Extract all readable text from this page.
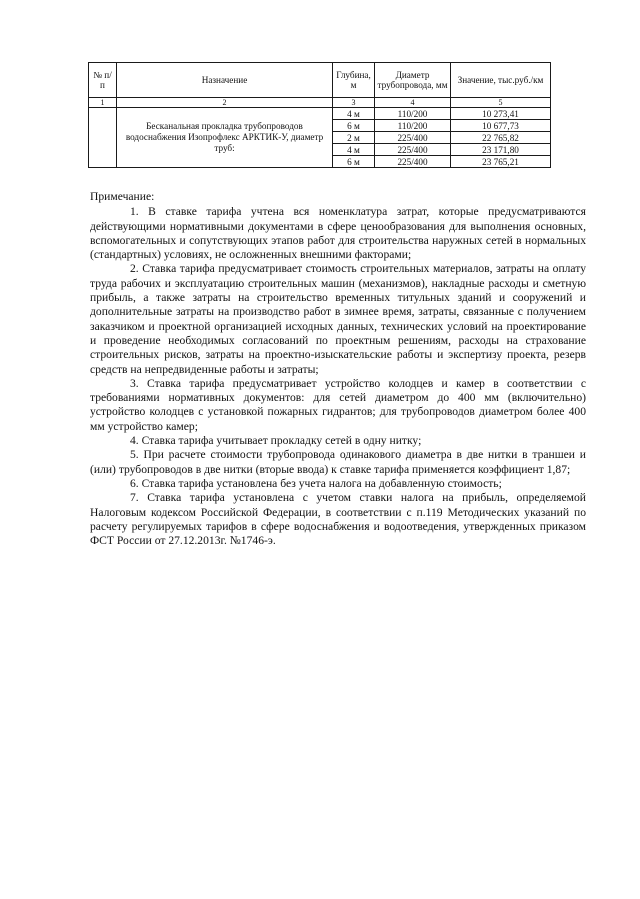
№ п/п	Назначение	Глубина, м	Диаметр трубопровода, мм	Значение, тыс.руб./км
1	2	3	4	5
	Бесканальная прокладка трубопроводов водоснабжения Изопрофлекс АРКТИК-У, диаметр труб:	4 м	110/200	10 273,41
		6 м	110/200	10 677,73
		2 м	225/400	22 765,82
		4 м	225/400	23 171,80
		6 м	225/400	23 765,21
Примечание:

1. В ставке тарифа учтена вся номенклатура затрат, которые предусматриваются действующими нормативными документами в сфере ценообразования для выполнения основных, вспомогательных и сопутствующих этапов работ для строительства наружных сетей в нормальных (стандартных) условиях, не осложненных внешними факторами;

2. Ставка тарифа предусматривает стоимость строительных материалов, затраты на оплату труда рабочих и эксплуатацию строительных машин (механизмов), накладные расходы и сметную прибыль, а также затраты на строительство временных титульных зданий и сооружений и дополнительные затраты на производство работ в зимнее время, затраты, связанные с получением заказчиком и проектной организацией исходных данных, технических условий на проектирование и проведение необходимых согласований по проектным решениям, расходы на страхование строительных рисков, затраты на проектно-изыскательские работы и экспертизу проекта, резерв средств на непредвиденные работы и затраты;

3. Ставка тарифа предусматривает устройство колодцев и камер в соответствии с требованиями нормативных документов: для сетей диаметром до 400 мм (включительно) устройство колодцев с установкой пожарных гидрантов; для трубопроводов диаметром более 400 мм устройство камер;

4. Ставка тарифа учитывает прокладку сетей в одну нитку;

5. При расчете стоимости трубопровода одинакового диаметра в две нитки в траншеи и (или) трубопроводов в две нитки (вторые ввода) к ставке тарифа применяется коэффициент 1,87;

6. Ставка тарифа установлена без учета налога на добавленную стоимость;

7. Ставка тарифа установлена с учетом ставки налога на прибыль, определяемой Налоговым кодексом Российской Федерации, в соответствии с п.119 Методических указаний по расчету регулируемых тарифов в сфере водоснабжения и водоотведения, утвержденных приказом ФСТ России от 27.12.2013г. №1746-э.
